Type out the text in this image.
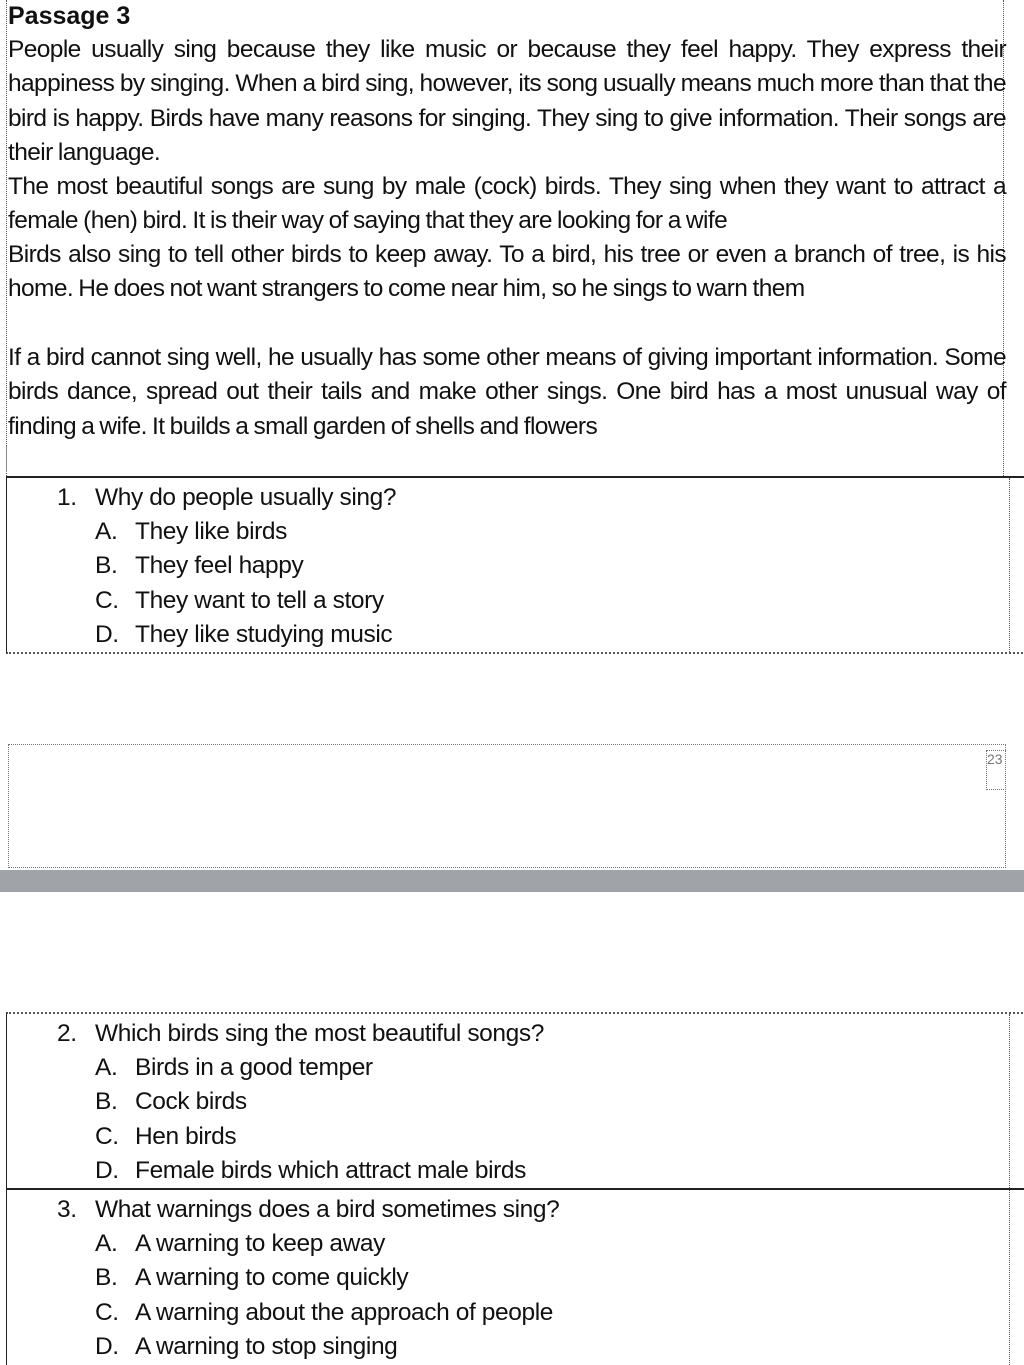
Passage 3

People usually sing because they like music or because they feel happy. They express their happiness by singing. When a bird sing, however, its song usually means much more than that the bird is happy. Birds have many reasons for singing. They sing to give information. Their songs are their language.

The most beautiful songs are sung by male (cock) birds. They sing when they want to attract a female (hen) bird. It is their way of saying that they are looking for a wife

Birds also sing to tell other birds to keep away. To a bird, his tree or even a branch of tree, is his home. He does not want strangers to come near him, so he sings to warn them

If a bird cannot sing well, he usually has some other means of giving important information. Some birds dance, spread out their tails and make other sings. One bird has a most unusual way of finding a wife. It builds a small garden of shells and flowers

1. Why do people usually sing?

A. They like birds
B. They feel happy
C. They want to tell a story
D. They like studying music
23

2. Which birds sing the most beautiful songs?

A. Birds in a good temper
B. Cock birds
C. Hen birds
D. Female birds which attract male birds

3. What warnings does a bird sometimes sing?

A. A warning to keep away
B. A warning to come quickly
C. A warning about the approach of people
D. A warning to stop singing
